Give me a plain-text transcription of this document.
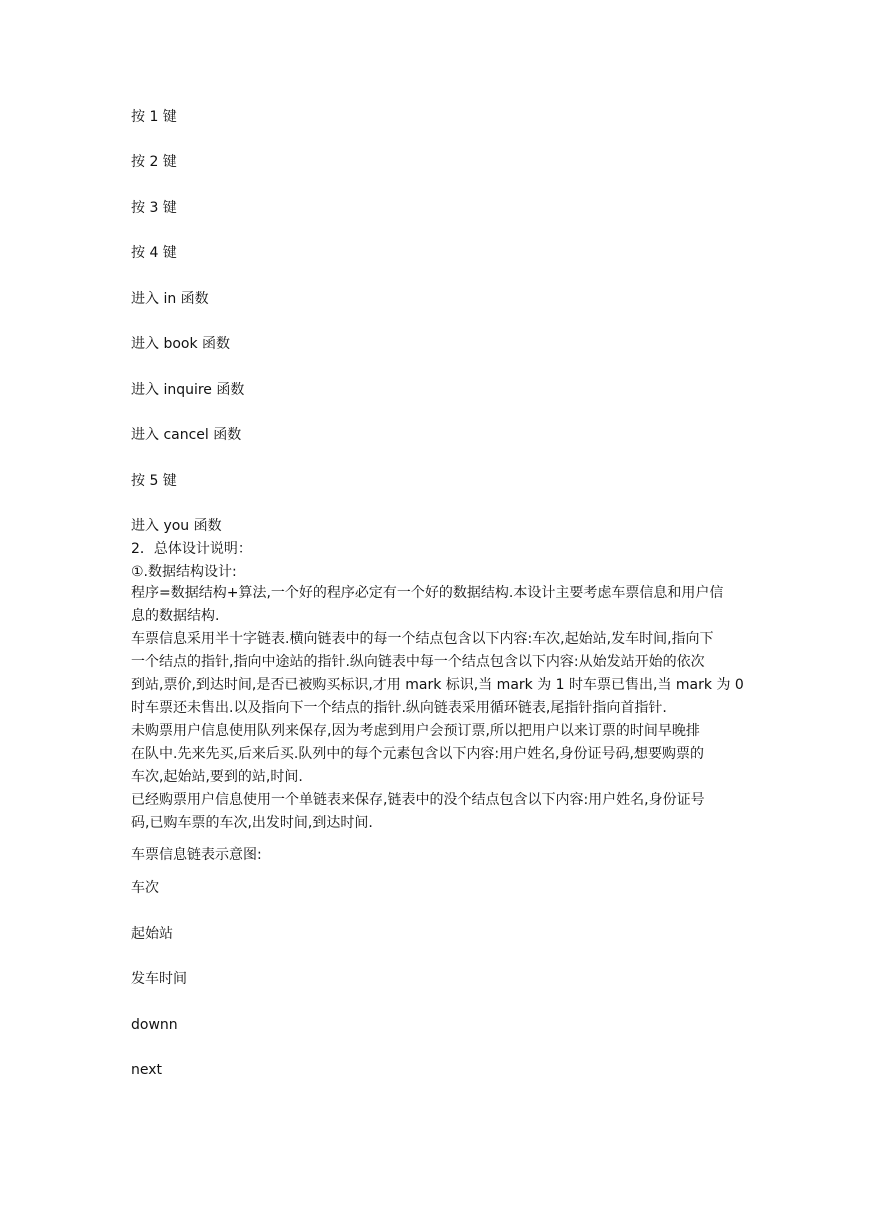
按 1 键
按 2 键
按 3 键
按 4 键
进入 in 函数
进入 book 函数
进入 inquire 函数
进入 cancel 函数
按 5 键
进入 you 函数
2．总体设计说明：
①.数据结构设计:
程序=数据结构+算法,一个好的程序必定有一个好的数据结构.本设计主要考虑车票信息和用户信
息的数据结构.
车票信息采用半十字链表.横向链表中的每一个结点包含以下内容:车次,起始站,发车时间,指向下
一个结点的指针,指向中途站的指针.纵向链表中每一个结点包含以下内容:从始发站开始的依次
到站,票价,到达时间,是否已被购买标识,才用 mark 标识,当 mark 为 1 时车票已售出,当 mark 为 0
时车票还未售出.以及指向下一个结点的指针.纵向链表采用循环链表,尾指针指向首指针.
未购票用户信息使用队列来保存,因为考虑到用户会预订票,所以把用户以来订票的时间早晚排
在队中.先来先买,后来后买.队列中的每个元素包含以下内容:用户姓名,身份证号码,想要购票的
车次,起始站,要到的站,时间.
已经购票用户信息使用一个单链表来保存,链表中的没个结点包含以下内容:用户姓名,身份证号
码,已购车票的车次,出发时间,到达时间.
车票信息链表示意图:
车次
起始站
发车时间
downn
next
